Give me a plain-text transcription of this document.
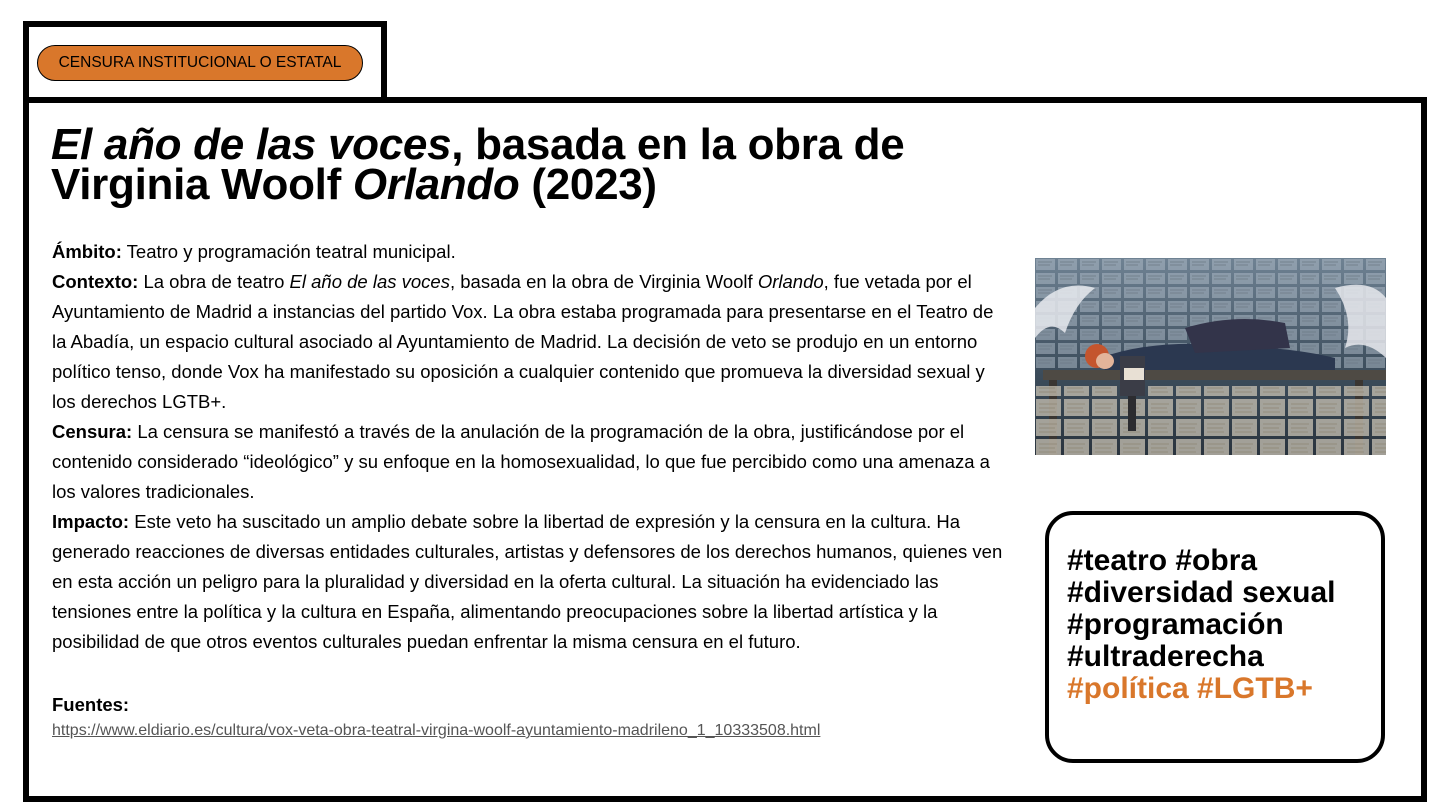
CENSURA INSTITUCIONAL O ESTATAL
El año de las voces, basada en la obra de Virginia Woolf Orlando (2023)

Ámbito: Teatro y programación teatral municipal.

Contexto: La obra de teatro El año de las voces, basada en la obra de Virginia Woolf Orlando, fue vetada por el Ayuntamiento de Madrid a instancias del partido Vox. La obra estaba programada para presentarse en el Teatro de la Abadía, un espacio cultural asociado al Ayuntamiento de Madrid. La decisión de veto se produjo en un entorno político tenso, donde Vox ha manifestado su oposición a cualquier contenido que promueva la diversidad sexual y los derechos LGTB+.

Censura: La censura se manifestó a través de la anulación de la programación de la obra, justificándose por el contenido considerado “ideológico” y su enfoque en la homosexualidad, lo que fue percibido como una amenaza a los valores tradicionales.

Impacto: Este veto ha suscitado un amplio debate sobre la libertad de expresión y la censura en la cultura. Ha generado reacciones de diversas entidades culturales, artistas y defensores de los derechos humanos, quienes ven en esta acción un peligro para la pluralidad y diversidad en la oferta cultural. La situación ha evidenciado las tensiones entre la política y la cultura en España, alimentando preocupaciones sobre la libertad artística y la posibilidad de que otros eventos culturales puedan enfrentar la misma censura en el futuro.

Fuentes:
https://www.eldiario.es/cultura/vox-veta-obra-teatral-virgina-woolf-ayuntamiento-madrileno_1_10333508.html
#teatro #obra
#diversidad sexual
#programación
#ultraderecha
#política #LGTB+
